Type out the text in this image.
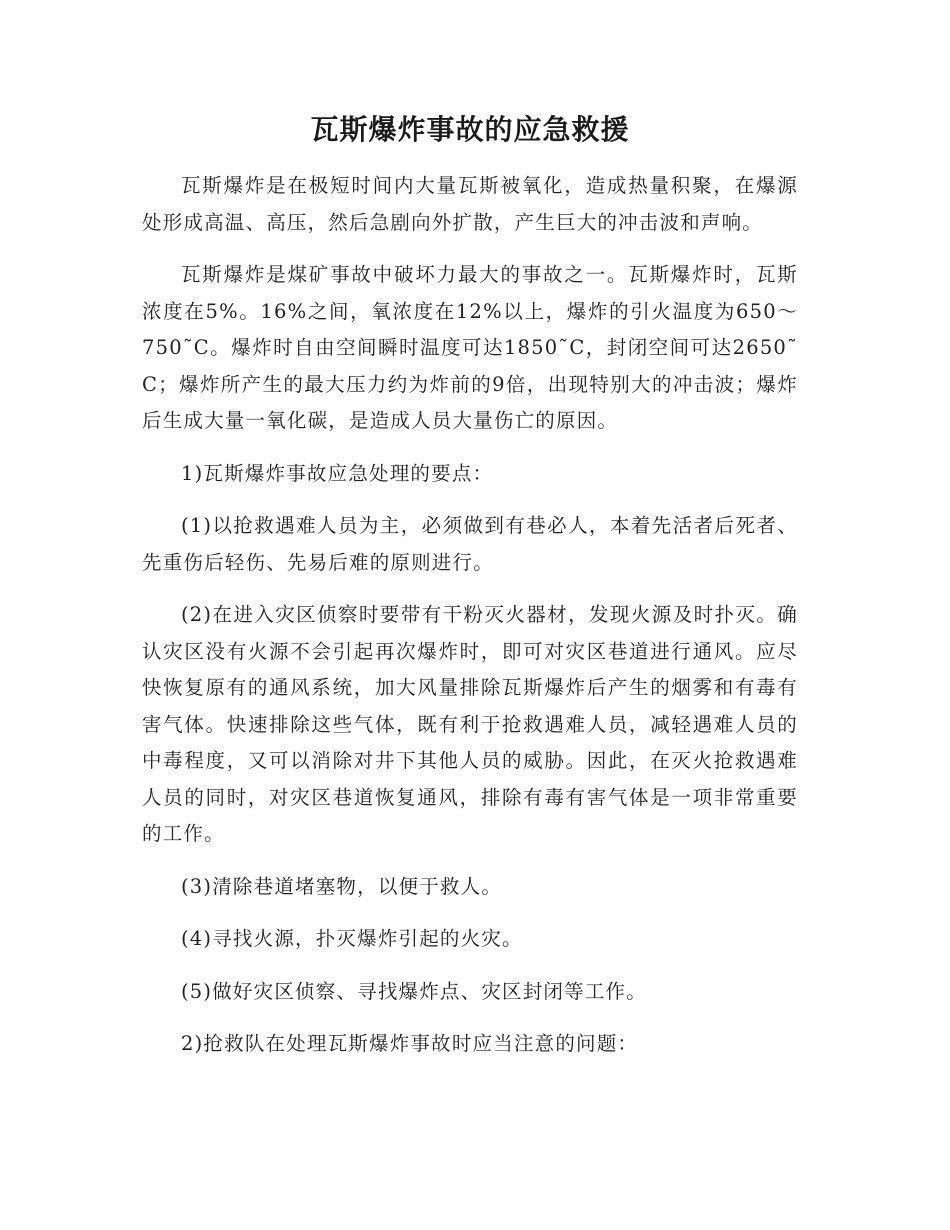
瓦斯爆炸事故的应急救援

瓦斯爆炸是在极短时间内大量瓦斯被氧化，造成热量积聚，在爆源处形成高温、高压，然后急剧向外扩散，产生巨大的冲击波和声响。

瓦斯爆炸是煤矿事故中破坏力最大的事故之一。瓦斯爆炸时，瓦斯浓度在5%。16%之间，氧浓度在12%以上，爆炸的引火温度为650～750˜C。爆炸时自由空间瞬时温度可达1850˜C，封闭空间可达2650˜C；爆炸所产生的最大压力约为炸前的9倍，出现特别大的冲击波；爆炸后生成大量一氧化碳，是造成人员大量伤亡的原因。

1)瓦斯爆炸事故应急处理的要点：

(1)以抢救遇难人员为主，必须做到有巷必人，本着先活者后死者、先重伤后轻伤、先易后难的原则进行。

(2)在进入灾区侦察时要带有干粉灭火器材，发现火源及时扑灭。确认灾区没有火源不会引起再次爆炸时，即可对灾区巷道进行通风。应尽快恢复原有的通风系统，加大风量排除瓦斯爆炸后产生的烟雾和有毒有害气体。快速排除这些气体，既有利于抢救遇难人员，减轻遇难人员的中毒程度，又可以消除对井下其他人员的威胁。因此，在灭火抢救遇难人员的同时，对灾区巷道恢复通风，排除有毒有害气体是一项非常重要的工作。

(3)清除巷道堵塞物，以便于救人。

(4)寻找火源，扑灭爆炸引起的火灾。

(5)做好灾区侦察、寻找爆炸点、灾区封闭等工作。

2)抢救队在处理瓦斯爆炸事故时应当注意的问题：
